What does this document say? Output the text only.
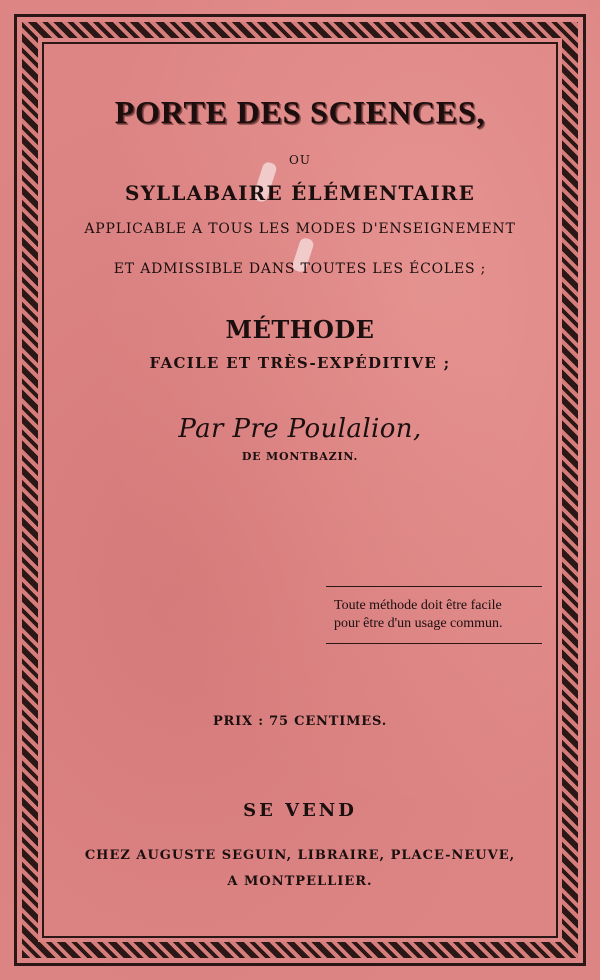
PORTE DES SCIENCES,
OU
SYLLABAIRE ÉLÉMENTAIRE
APPLICABLE A TOUS LES MODES D'ENSEIGNEMENT
ET ADMISSIBLE DANS TOUTES LES ÉCOLES ;
MÉTHODE
FACILE ET TRÈS-EXPÉDITIVE ;
Par Pre Poulalion,
DE MONTBAZIN.
Toute méthode doit être facile
pour être d'un usage commun.
PRIX : 75 CENTIMES.
SE VEND
CHEZ AUGUSTE SEGUIN, LIBRAIRE, PLACE-NEUVE,
A MONTPELLIER.
